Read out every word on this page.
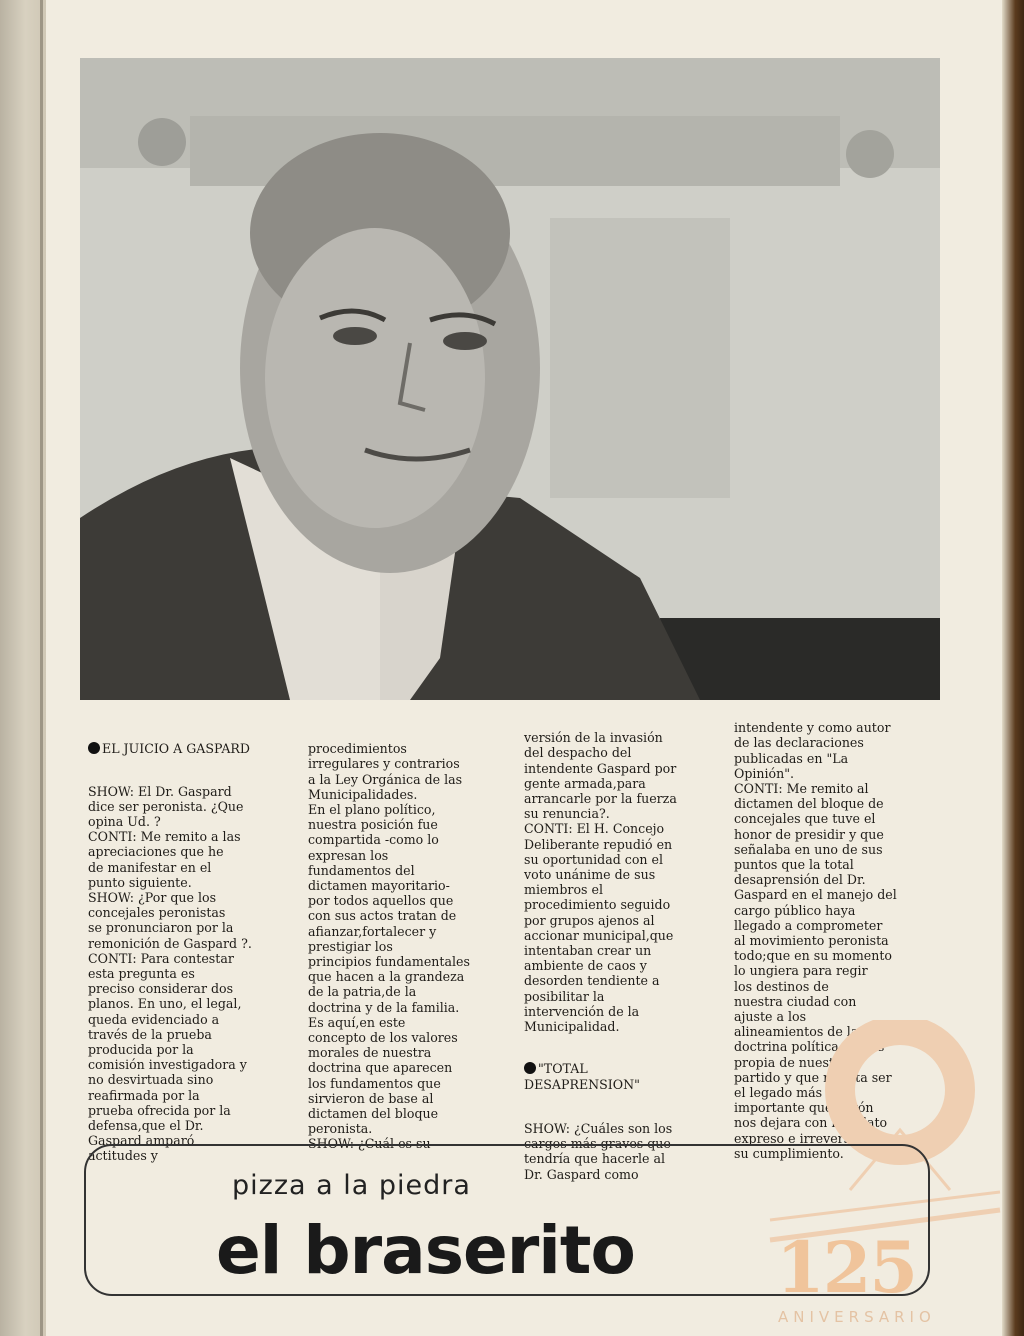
EL JUICIO A GASPARD

SHOW: El Dr. Gaspard
dice ser peronista. ¿Que
opina Ud. ?
CONTI: Me remito a las
apreciaciones que he
de manifestar en el
punto siguiente.
SHOW: ¿Por que los
concejales peronistas
se pronunciaron por la
remonición de Gaspard ?.
CONTI: Para contestar
esta pregunta es
preciso considerar dos
planos. En uno, el legal,
queda evidenciado a
través de la prueba
producida por la
comisión investigadora y
no desvirtuada sino
reafirmada por la
prueba ofrecida por la
defensa,que el Dr.
Gaspard amparó
actitudes y

procedimientos
irregulares y contrarios
a la Ley Orgánica de las
Municipalidades.
En el plano político,
nuestra posición fue
compartida -como lo
expresan los
fundamentos del
dictamen mayoritario-
por todos aquellos que
con sus actos tratan de
afianzar,fortalecer y
prestigiar los
principios fundamentales
que hacen a la grandeza
de la patria,de la
doctrina y de la familia.
Es aquí,en este
concepto de los valores
morales de nuestra
doctrina que aparecen
los fundamentos que
sirvieron de base al
dictamen del bloque
peronista.
SHOW: ¿Cuál es su

versión de la invasión
del despacho del
intendente Gaspard por
gente armada,para
arrancarle por la fuerza
su renuncia?.
CONTI: El H. Concejo
Deliberante repudió en
su oportunidad con el
voto unánime de sus
miembros el
procedimiento seguido
por grupos ajenos al
accionar municipal,que
intentaban crear un
ambiente de caos y
desorden tendiente a
posibilitar la
intervención de la
Municipalidad.

"TOTAL
DESAPRENSION"

SHOW: ¿Cuáles son los
cargos más graves que
tendría que hacerle al
Dr. Gaspard como

intendente y como autor
de las declaraciones
publicadas en "La
Opinión".
CONTI: Me remito al
dictamen del bloque de
concejales que tuve el
honor de presidir y que
señalaba en uno de sus
puntos que la total
desaprensión del Dr.
Gaspard en el manejo del
cargo público haya
llegado a comprometer
al movimiento peronista
todo;que en su momento
lo ungiera para regir
los destinos de
nuestra ciudad con
ajuste a los
alineamientos de la
doctrina política que es
propia de nuestro
partido y que resulta ser
el legado más
importante que Perón
nos dejara con mandato
expreso e irreversible de
su cumplimiento.

125
ANIVERSARIO
pizza a la piedra
el braserito
